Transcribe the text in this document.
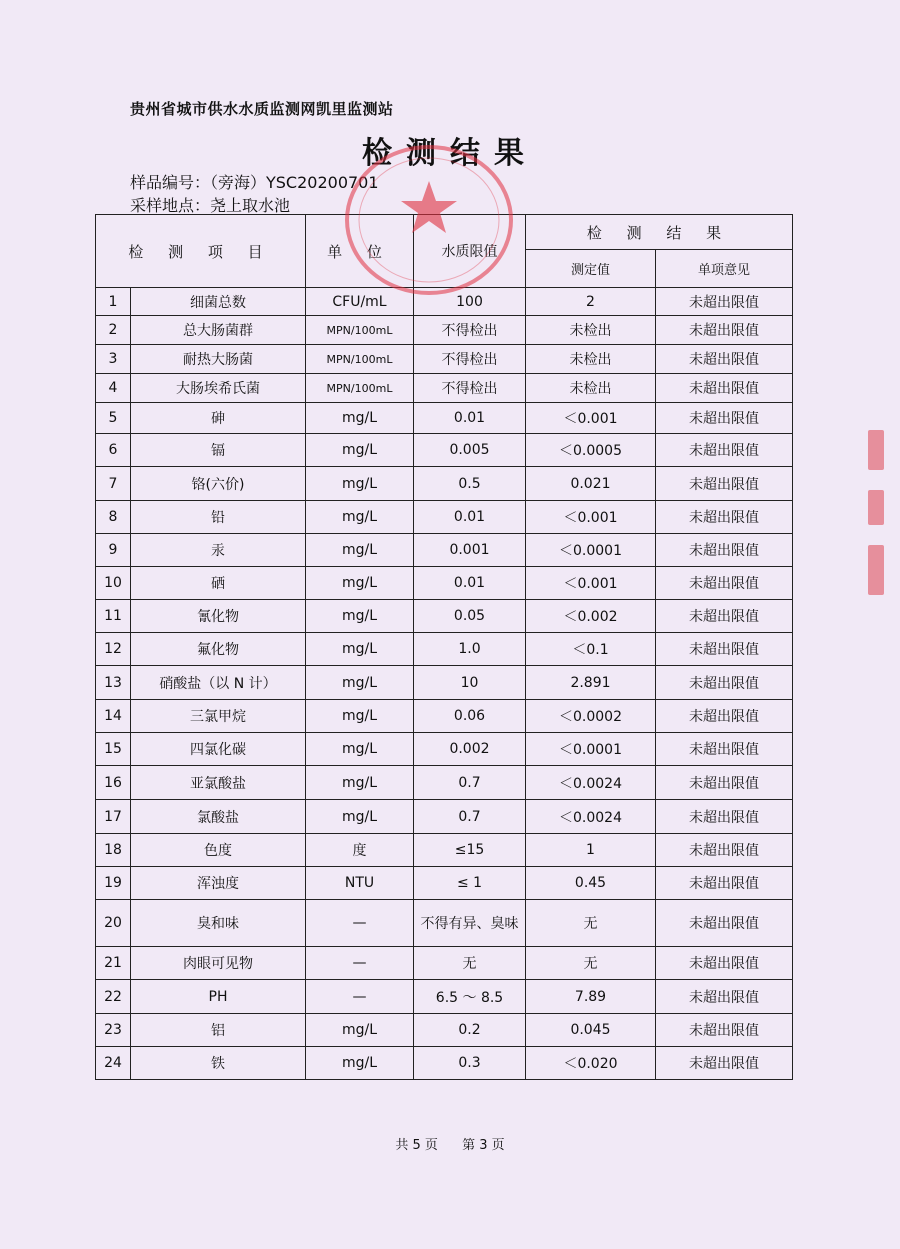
贵州省城市供水水质监测网凯里监测站
检测结果
样品编号：（旁海）YSC20200701
采样地点：尧上取水池
检 测 项 目		单 位	水质限值	检 测 结 果	
				测定值	单项意见
1	细菌总数	CFU/mL	100	2	未超出限值
2	总大肠菌群	MPN/100mL	不得检出	未检出	未超出限值
3	耐热大肠菌	MPN/100mL	不得检出	未检出	未超出限值
4	大肠埃希氏菌	MPN/100mL	不得检出	未检出	未超出限值
5	砷	mg/L	0.01	＜0.001	未超出限值
6	镉	mg/L	0.005	＜0.0005	未超出限值
7	铬(六价)	mg/L	0.5	0.021	未超出限值
8	铅	mg/L	0.01	＜0.001	未超出限值
9	汞	mg/L	0.001	＜0.0001	未超出限值
10	硒	mg/L	0.01	＜0.001	未超出限值
11	氰化物	mg/L	0.05	＜0.002	未超出限值
12	氟化物	mg/L	1.0	＜0.1	未超出限值
13	硝酸盐（以 N 计）	mg/L	10	2.891	未超出限值
14	三氯甲烷	mg/L	0.06	＜0.0002	未超出限值
15	四氯化碳	mg/L	0.002	＜0.0001	未超出限值
16	亚氯酸盐	mg/L	0.7	＜0.0024	未超出限值
17	氯酸盐	mg/L	0.7	＜0.0024	未超出限值
18	色度	度	≤15	1	未超出限值
19	浑浊度	NTU	≤ 1	0.45	未超出限值
20	臭和味	—	不得有异、臭味	无	未超出限值
21	肉眼可见物	—	无	无	未超出限值
22	PH	—	6.5 ～ 8.5	7.89	未超出限值
23	铝	mg/L	0.2	0.045	未超出限值
24	铁	mg/L	0.3	＜0.020	未超出限值
共 5 页 第 3 页
